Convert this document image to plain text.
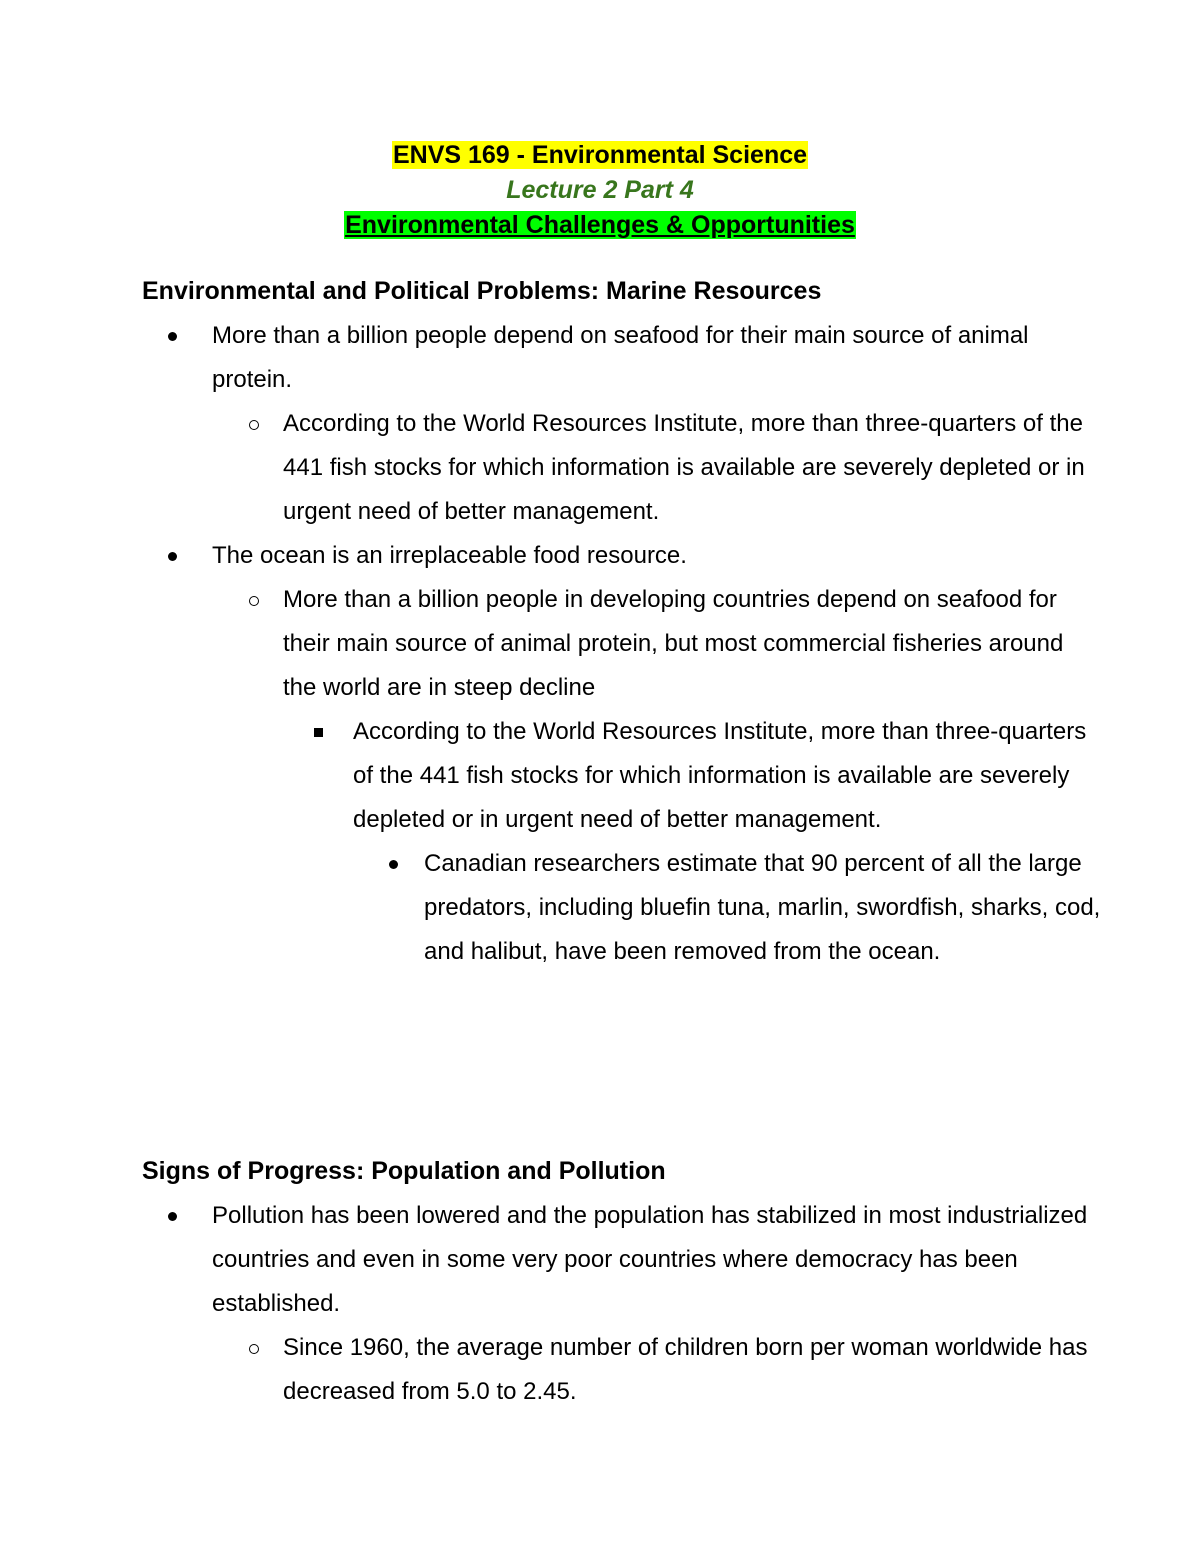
ENVS 169 - Environmental Science
Lecture 2 Part 4
Environmental Challenges & Opportunities

Environmental and Political Problems: Marine Resources

More than a billion people depend on seafood for their main source of animal protein.
According to the World Resources Institute, more than three-quarters of the 441 fish stocks for which information is available are severely depleted or in urgent need of better management.
The ocean is an irreplaceable food resource.
More than a billion people in developing countries depend on seafood for their main source of animal protein, but most commercial fisheries around the world are in steep decline
According to the World Resources Institute, more than three-quarters of the 441 fish stocks for which information is available are severely depleted or in urgent need of better management.
Canadian researchers estimate that 90 percent of all the large predators, including bluefin tuna, marlin, swordfish, sharks, cod, and halibut, have been removed from the ocean.

Signs of Progress: Population and Pollution

Pollution has been lowered and the population has stabilized in most industrialized countries and even in some very poor countries where democracy has been established.
Since 1960, the average number of children born per woman worldwide has decreased from 5.0 to 2.45.
